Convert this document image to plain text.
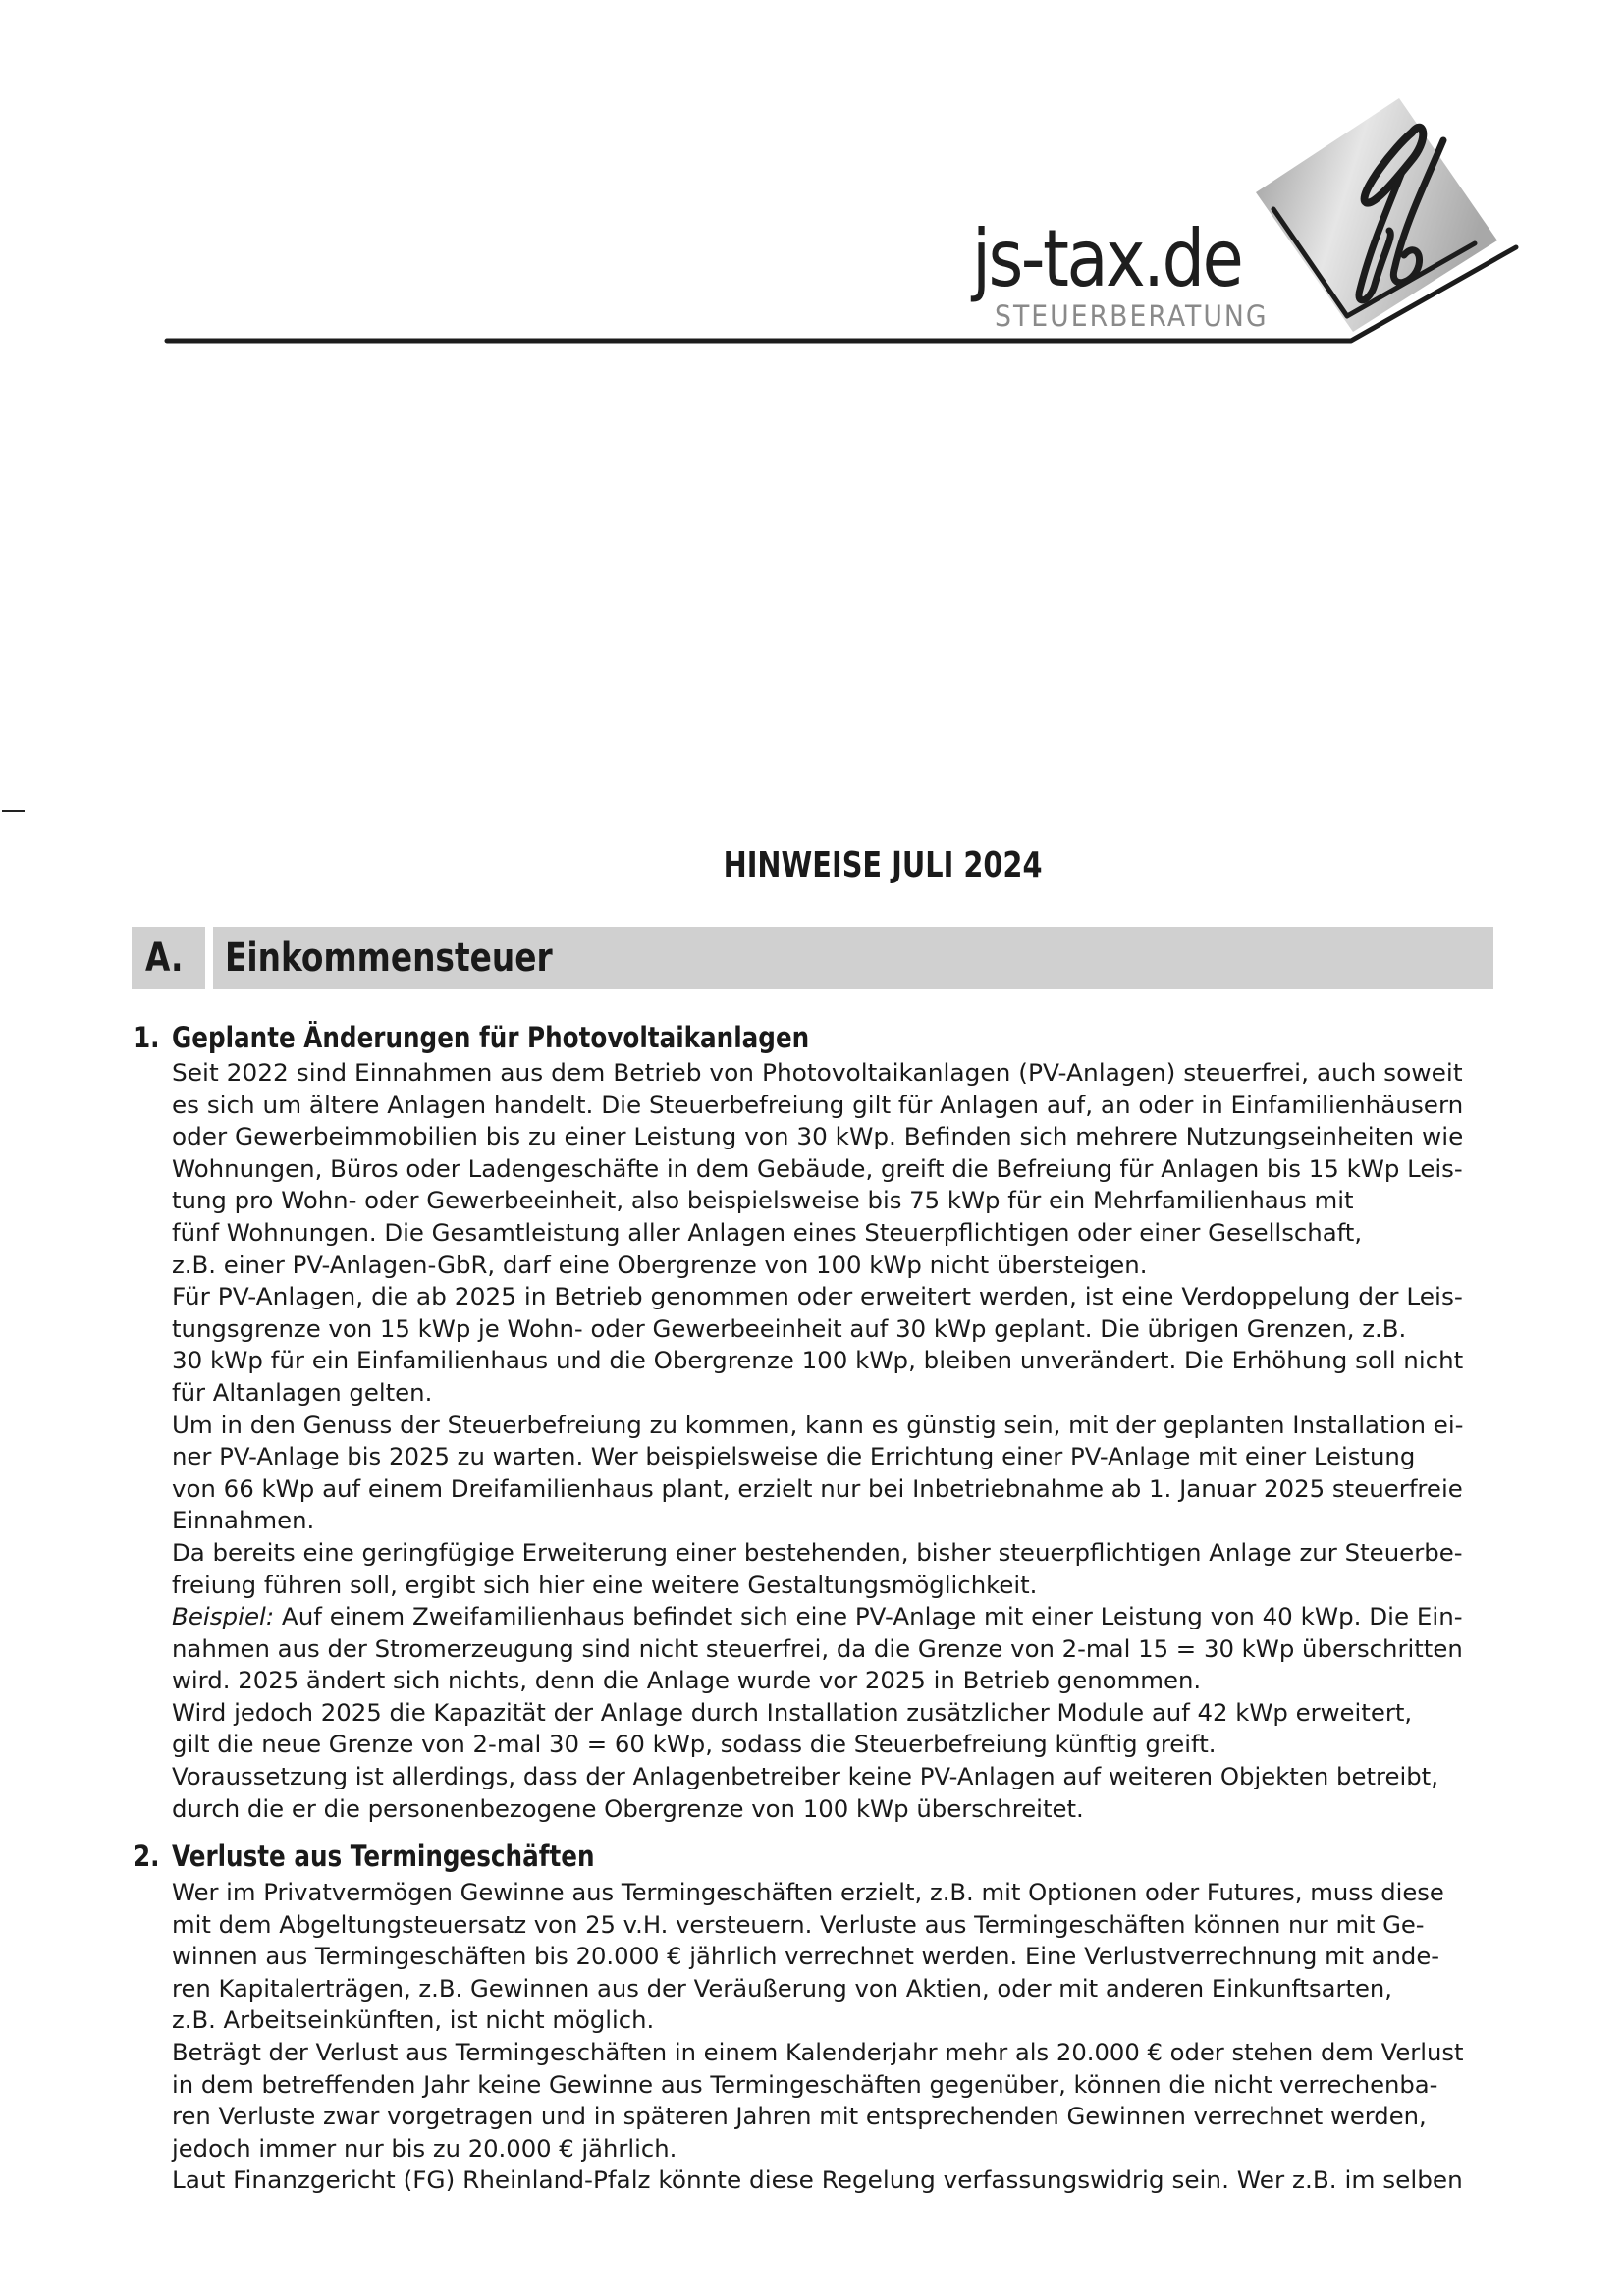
js-tax.de
STEUERBERATUNG
HINWEISE JULI 2024
A. Einkommensteuer
1. Geplante Änderungen für Photovoltaikanlagen
Seit 2022 sind Einnahmen aus dem Betrieb von Photovoltaikanlagen (PV-Anlagen) steuerfrei, auch soweit
es sich um ältere Anlagen handelt. Die Steuerbefreiung gilt für Anlagen auf, an oder in Einfamilienhäusern
oder Gewerbeimmobilien bis zu einer Leistung von 30 kWp. Befinden sich mehrere Nutzungseinheiten wie
Wohnungen, Büros oder Ladengeschäfte in dem Gebäude, greift die Befreiung für Anlagen bis 15 kWp Leis-
tung pro Wohn- oder Gewerbeeinheit, also beispielsweise bis 75 kWp für ein Mehrfamilienhaus mit
fünf Wohnungen. Die Gesamtleistung aller Anlagen eines Steuerpflichtigen oder einer Gesellschaft,
z.B. einer PV-Anlagen-GbR, darf eine Obergrenze von 100 kWp nicht übersteigen.
Für PV-Anlagen, die ab 2025 in Betrieb genommen oder erweitert werden, ist eine Verdoppelung der Leis-
tungsgrenze von 15 kWp je Wohn- oder Gewerbeeinheit auf 30 kWp geplant. Die übrigen Grenzen, z.B.
30 kWp für ein Einfamilienhaus und die Obergrenze 100 kWp, bleiben unverändert. Die Erhöhung soll nicht
für Altanlagen gelten.
Um in den Genuss der Steuerbefreiung zu kommen, kann es günstig sein, mit der geplanten Installation ei-
ner PV-Anlage bis 2025 zu warten. Wer beispielsweise die Errichtung einer PV-Anlage mit einer Leistung
von 66 kWp auf einem Dreifamilienhaus plant, erzielt nur bei Inbetriebnahme ab 1. Januar 2025 steuerfreie
Einnahmen.
Da bereits eine geringfügige Erweiterung einer bestehenden, bisher steuerpflichtigen Anlage zur Steuerbe-
freiung führen soll, ergibt sich hier eine weitere Gestaltungsmöglichkeit.
Beispiel: Auf einem Zweifamilienhaus befindet sich eine PV-Anlage mit einer Leistung von 40 kWp. Die Ein-
nahmen aus der Stromerzeugung sind nicht steuerfrei, da die Grenze von 2-mal 15 = 30 kWp überschritten
wird. 2025 ändert sich nichts, denn die Anlage wurde vor 2025 in Betrieb genommen.
Wird jedoch 2025 die Kapazität der Anlage durch Installation zusätzlicher Module auf 42 kWp erweitert,
gilt die neue Grenze von 2-mal 30 = 60 kWp, sodass die Steuerbefreiung künftig greift.
Voraussetzung ist allerdings, dass der Anlagenbetreiber keine PV-Anlagen auf weiteren Objekten betreibt,
durch die er die personenbezogene Obergrenze von 100 kWp überschreitet.
2. Verluste aus Termingeschäften
Wer im Privatvermögen Gewinne aus Termingeschäften erzielt, z.B. mit Optionen oder Futures, muss diese
mit dem Abgeltungsteuersatz von 25 v.H. versteuern. Verluste aus Termingeschäften können nur mit Ge-
winnen aus Termingeschäften bis 20.000 € jährlich verrechnet werden. Eine Verlustverrechnung mit ande-
ren Kapitalerträgen, z.B. Gewinnen aus der Veräußerung von Aktien, oder mit anderen Einkunftsarten,
z.B. Arbeitseinkünften, ist nicht möglich.
Beträgt der Verlust aus Termingeschäften in einem Kalenderjahr mehr als 20.000 € oder stehen dem Verlust
in dem betreffenden Jahr keine Gewinne aus Termingeschäften gegenüber, können die nicht verrechenba-
ren Verluste zwar vorgetragen und in späteren Jahren mit entsprechenden Gewinnen verrechnet werden,
jedoch immer nur bis zu 20.000 € jährlich.
Laut Finanzgericht (FG) Rheinland-Pfalz könnte diese Regelung verfassungswidrig sein. Wer z.B. im selben
